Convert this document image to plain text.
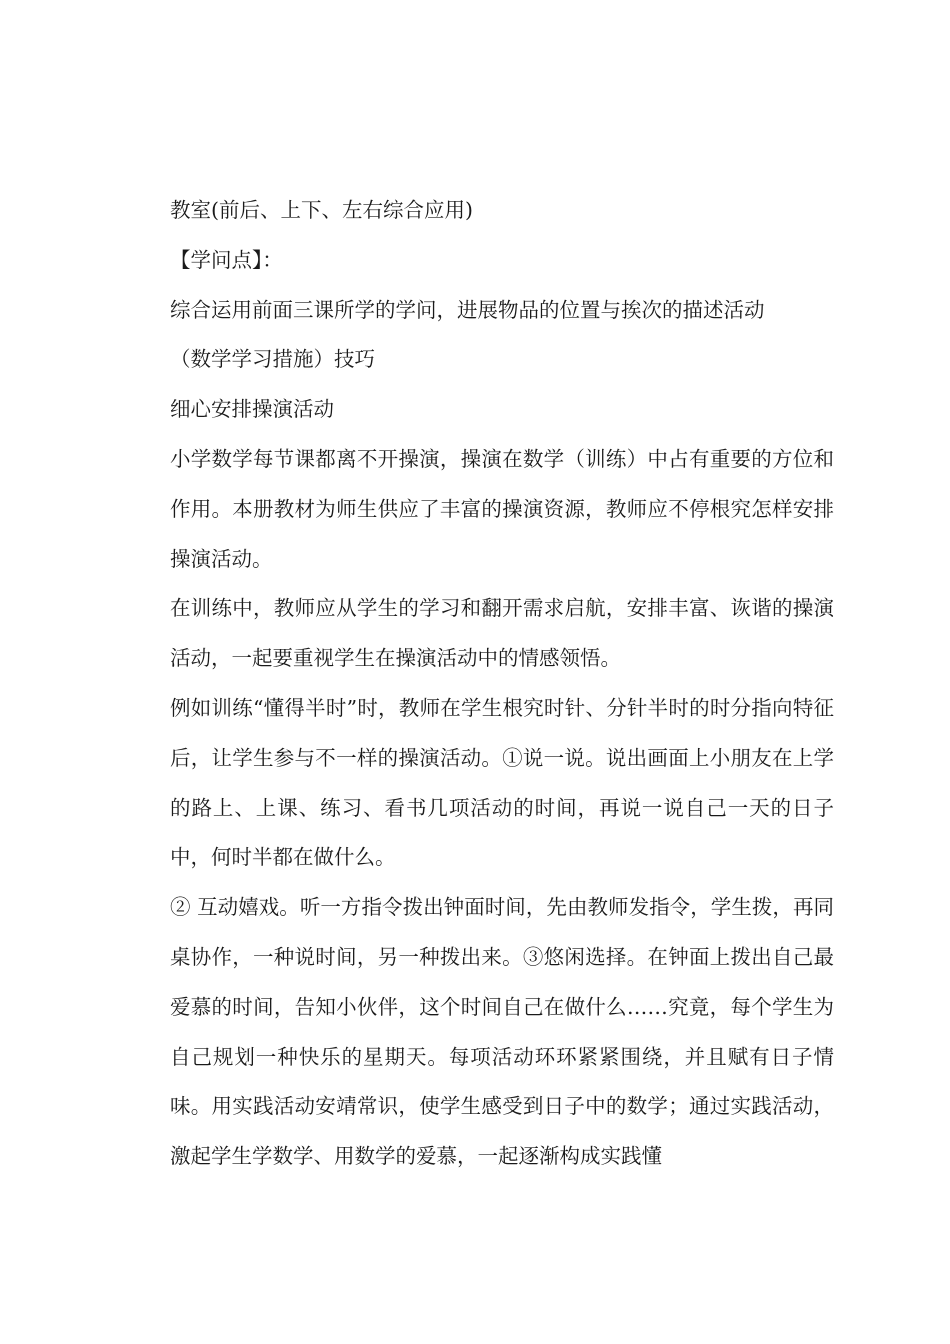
教室(前后、上下、左右综合应用)

【学问点】：

综合运用前面三课所学的学问，进展物品的位置与挨次的描述活动

（数学学习措施）技巧

细心安排操演活动

小学数学每节课都离不开操演，操演在数学（训练）中占有重要的方位和作用。本册教材为师生供应了丰富的操演资源，教师应不停根究怎样安排操演活动。

在训练中，教师应从学生的学习和翻开需求启航，安排丰富、诙谐的操演活动，一起要重视学生在操演活动中的情感领悟。

例如训练“懂得半时”时，教师在学生根究时针、分针半时的时分指向特征后，让学生参与不一样的操演活动。①说一说。说出画面上小朋友在上学的路上、上课、练习、看书几项活动的时间，再说一说自己一天的日子中，何时半都在做什么。

② 互动嬉戏。听一方指令拨出钟面时间，先由教师发指令，学生拨，再同桌协作，一种说时间，另一种拨出来。③悠闲选择。在钟面上拨出自己最爱慕的时间，告知小伙伴，这个时间自己在做什么……究竟，每个学生为自己规划一种快乐的星期天。每项活动环环紧紧围绕，并且赋有日子情味。用实践活动安靖常识，使学生感受到日子中的数学；通过实践活动，激起学生学数学、用数学的爱慕，一起逐渐构成实践懂
